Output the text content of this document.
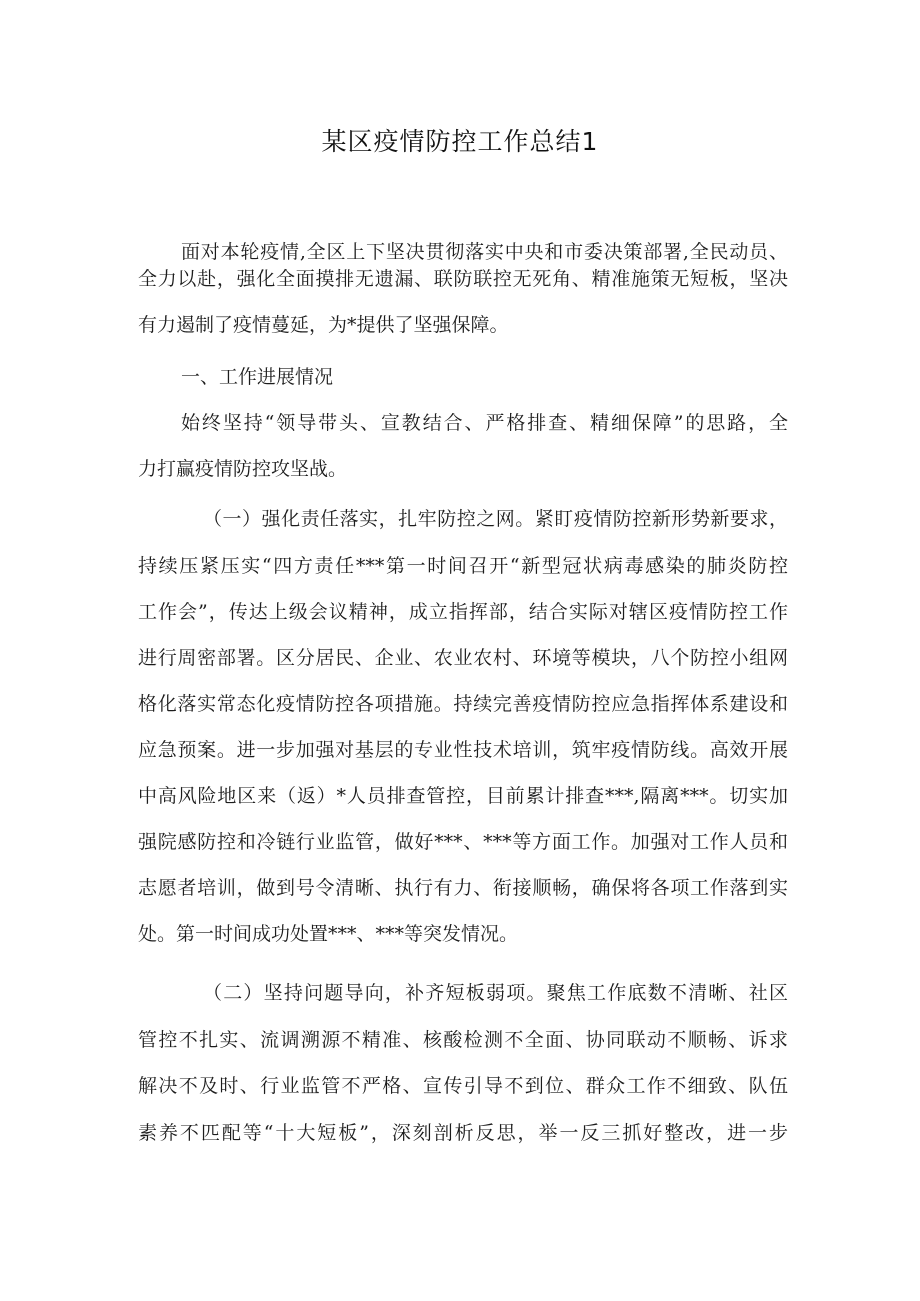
某区疫情防控工作总结1
面对本轮疫情,全区上下坚决贯彻落实中央和市委决策部署,全民动员、
全力以赴，强化全面摸排无遗漏、联防联控无死角、精准施策无短板，坚决
有力遏制了疫情蔓延，为*提供了坚强保障。
一、工作进展情况
始终坚持“领导带头、宣教结合、严格排查、精细保障”的思路，全
力打赢疫情防控攻坚战。
（一）强化责任落实，扎牢防控之网。紧盯疫情防控新形势新要求，
持续压紧压实“四方责任***第一时间召开“新型冠状病毒感染的肺炎防控
工作会”，传达上级会议精神，成立指挥部，结合实际对辖区疫情防控工作
进行周密部署。区分居民、企业、农业农村、环境等模块，八个防控小组网
格化落实常态化疫情防控各项措施。持续完善疫情防控应急指挥体系建设和
应急预案。进一步加强对基层的专业性技术培训，筑牢疫情防线。高效开展
中高风险地区来（返）*人员排查管控，目前累计排查***,隔离***。切实加
强院感防控和冷链行业监管，做好***、***等方面工作。加强对工作人员和
志愿者培训，做到号令清晰、执行有力、衔接顺畅，确保将各项工作落到实
处。第一时间成功处置***、***等突发情况。
（二）坚持问题导向，补齐短板弱项。聚焦工作底数不清晰、社区
管控不扎实、流调溯源不精准、核酸检测不全面、协同联动不顺畅、诉求
解决不及时、行业监管不严格、宣传引导不到位、群众工作不细致、队伍
素养不匹配等“十大短板”，深刻剖析反思，举一反三抓好整改，进一步
